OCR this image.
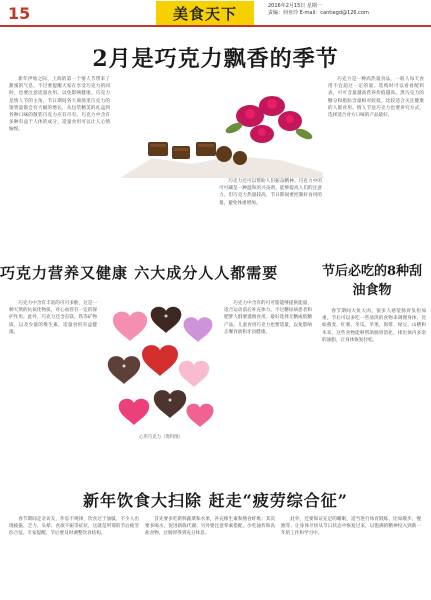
15	美食天下	2016年2月15日 星期一
责编：何亚玲 E-mail：cantiegd@126.com
2月是巧克力飘香的季节

新年伊始之际，上海的第一个情人节带来了甜蜜的气息，不过要提醒大家在享受巧克力的同时，也要注意适量食用，以免影响健康。巧克力是情人节的主角，节日期间各大商场里巧克力的销售量都会有大幅的增长，从包装精美的礼盒到各种口味的散装巧克力应有尽有。巧克力中含有多种有益于人体的成分，适量食用可以让人心情愉悦。

巧克力还可以帮助人们振奋精神。巧克力中的可可碱是一种温和的兴奋剂，能够提高人们的注意力。但巧克力热量较高，节日期间要控制好食用的量，避免体重增加。

巧克力是一种高热量食品，一般人每天食用不宜超过一定的量。选购时可以看看配料表，可可含量越高营养价值越高。黑巧克力的糖分和脂肪含量相对较低，比较适合关注健康的人群食用。情人节送巧克力也要讲究方式，选择适合对方口味的产品最好。

巧克力营养又健康 六大成分人人都需要	节后必吃的8种刮油食物

巧克力中含有丰富的可可多酚，这是一种天然的抗氧化物质，对心血管有一定的保护作用。此外，巧克力还含有镁、铁等矿物质，以及少量的维生素，适量食用有益健康。

心形巧克力（资料图）

巧克力中含有的可可脂能够提供能量，适合运动前后补充体力。不过糖尿病患者和肥胖人群要谨慎食用，最好选择无糖或低糖产品。儿童食用巧克力也要适量，以免影响正餐食欲和牙齿健康。

春节期间大鱼大肉，很多人感觉肠胃负担加重。节后可以多吃一些清淡的食物来调理身体，比如燕麦、红薯、冬瓜、苹果、海带、绿豆、山楂和木耳，这些食物能够帮助肠胃消化，排出体内多余的油脂，让身体恢复轻松。

新年饮食大扫除 赶走“疲劳综合征”

春节期间走亲访友，作息不规律，饮食过于油腻，不少人出现疲倦、乏力、头晕、食欲不振等症状，这就是所谓的节后疲劳综合征。专家提醒，节后要及时调整饮食结构。

首先要多吃新鲜蔬菜和水果，补充维生素和膳食纤维；其次要多喝水，促进新陈代谢；另外要注意荤素搭配，少吃油炸和高盐食物，让肠胃得到充分休息。

此外，还要保证充足的睡眠，适当进行体育锻炼，比如散步、慢跑等，让身体尽快从节日状态中恢复过来，以饱满的精神投入到新一年的工作和学习中。
